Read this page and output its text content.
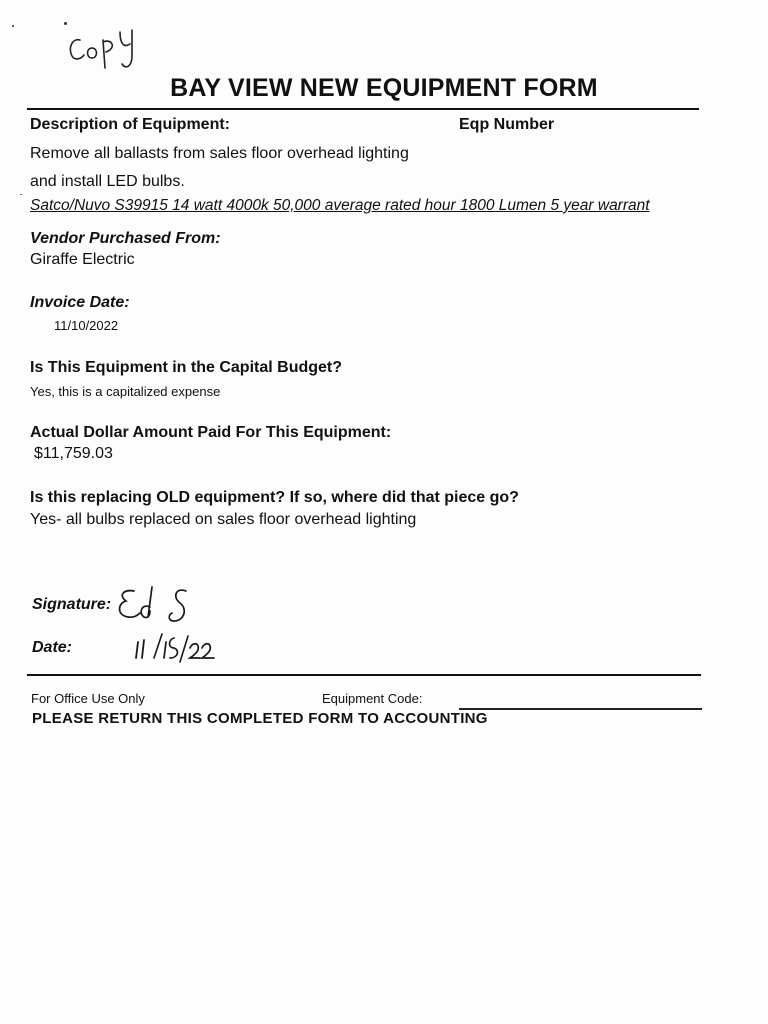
BAY VIEW NEW EQUIPMENT FORM
Description of Equipment:	Eqp Number
Remove all ballasts from sales floor overhead lighting
and install LED bulbs.
Satco/Nuvo S39915 14 watt 4000k 50,000 average rated hour 1800 Lumen 5 year warrant
Vendor Purchased From:
Giraffe Electric
Invoice Date:
11/10/2022
Is This Equipment in the Capital Budget?
Yes, this is a capitalized expense
Actual Dollar Amount Paid For This Equipment:
$11,759.03
Is this replacing OLD equipment? If so, where did that piece go?
Yes- all bulbs replaced on sales floor overhead lighting
Signature:
Date:
For Office Use Only	Equipment Code:
PLEASE RETURN THIS COMPLETED FORM TO ACCOUNTING
